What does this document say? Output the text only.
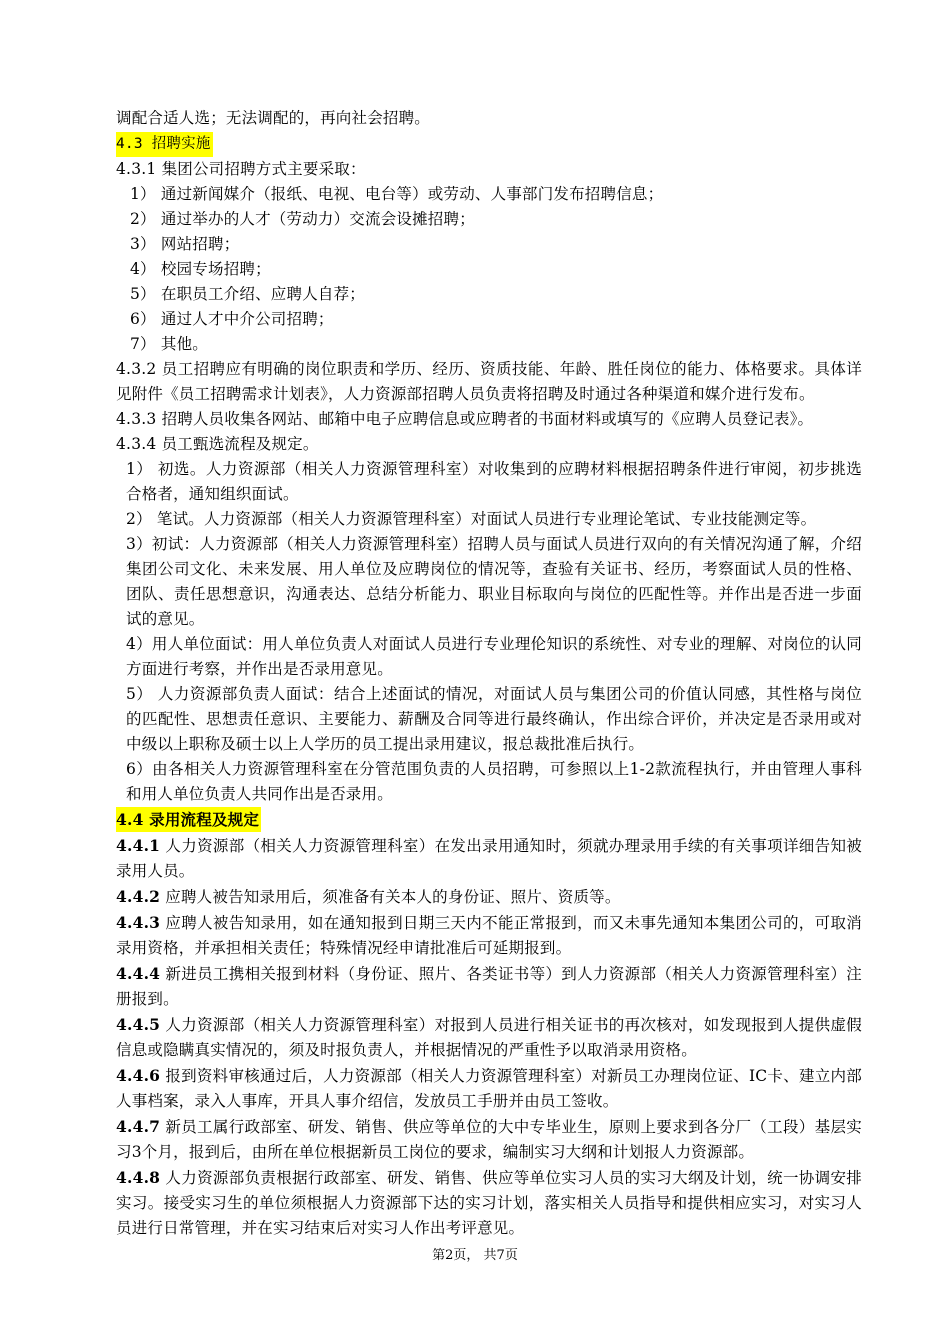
调配合适人选；无法调配的，再向社会招聘。
4.3 招聘实施
4.3.1 集团公司招聘方式主要采取：
1） 通过新闻媒介（报纸、电视、电台等）或劳动、人事部门发布招聘信息；
2） 通过举办的人才（劳动力）交流会设摊招聘；
3） 网站招聘；
4） 校园专场招聘；
5） 在职员工介绍、应聘人自荐；
6） 通过人才中介公司招聘；
7） 其他。
4.3.2 员工招聘应有明确的岗位职责和学历、经历、资质技能、年龄、胜任岗位的能力、体格要求。具体详见附件《员工招聘需求计划表》，人力资源部招聘人员负责将招聘及时通过各种渠道和媒介进行发布。
4.3.3 招聘人员收集各网站、邮箱中电子应聘信息或应聘者的书面材料或填写的《应聘人员登记表》。
4.3.4 员工甄选流程及规定。
1） 初选。人力资源部（相关人力资源管理科室）对收集到的应聘材料根据招聘条件进行审阅，初步挑选合格者，通知组织面试。
2） 笔试。人力资源部（相关人力资源管理科室）对面试人员进行专业理论笔试、专业技能测定等。
3）初试：人力资源部（相关人力资源管理科室）招聘人员与面试人员进行双向的有关情况沟通了解，介绍集团公司文化、未来发展、用人单位及应聘岗位的情况等，查验有关证书、经历，考察面试人员的性格、团队、责任思想意识，沟通表达、总结分析能力、职业目标取向与岗位的匹配性等。并作出是否进一步面试的意见。
4）用人单位面试：用人单位负责人对面试人员进行专业理伦知识的系统性、对专业的理解、对岗位的认同方面进行考察，并作出是否录用意见。
5） 人力资源部负责人面试：结合上述面试的情况，对面试人员与集团公司的价值认同感，其性格与岗位的匹配性、思想责任意识、主要能力、薪酬及合同等进行最终确认，作出综合评价，并决定是否录用或对中级以上职称及硕士以上人学历的员工提出录用建议，报总裁批准后执行。
6）由各相关人力资源管理科室在分管范围负责的人员招聘，可参照以上1-2款流程执行，并由管理人事科和用人单位负责人共同作出是否录用。
4.4 录用流程及规定
4.4.1 人力资源部（相关人力资源管理科室）在发出录用通知时，须就办理录用手续的有关事项详细告知被录用人员。
4.4.2 应聘人被告知录用后，须准备有关本人的身份证、照片、资质等。
4.4.3 应聘人被告知录用，如在通知报到日期三天内不能正常报到，而又未事先通知本集团公司的，可取消录用资格，并承担相关责任；特殊情况经申请批准后可延期报到。
4.4.4 新进员工携相关报到材料（身份证、照片、各类证书等）到人力资源部（相关人力资源管理科室）注册报到。
4.4.5 人力资源部（相关人力资源管理科室）对报到人员进行相关证书的再次核对，如发现报到人提供虚假信息或隐瞒真实情况的，须及时报负责人，并根据情况的严重性予以取消录用资格。
4.4.6 报到资料审核通过后，人力资源部（相关人力资源管理科室）对新员工办理岗位证、IC卡、建立内部人事档案，录入人事库，开具人事介绍信，发放员工手册并由员工签收。
4.4.7 新员工属行政部室、研发、销售、供应等单位的大中专毕业生，原则上要求到各分厂（工段）基层实习3个月，报到后，由所在单位根据新员工岗位的要求，编制实习大纲和计划报人力资源部。
4.4.8 人力资源部负责根据行政部室、研发、销售、供应等单位实习人员的实习大纲及计划，统一协调安排实习。接受实习生的单位须根据人力资源部下达的实习计划，落实相关人员指导和提供相应实习，对实习人员进行日常管理，并在实习结束后对实习人作出考评意见。
第2页， 共7页
